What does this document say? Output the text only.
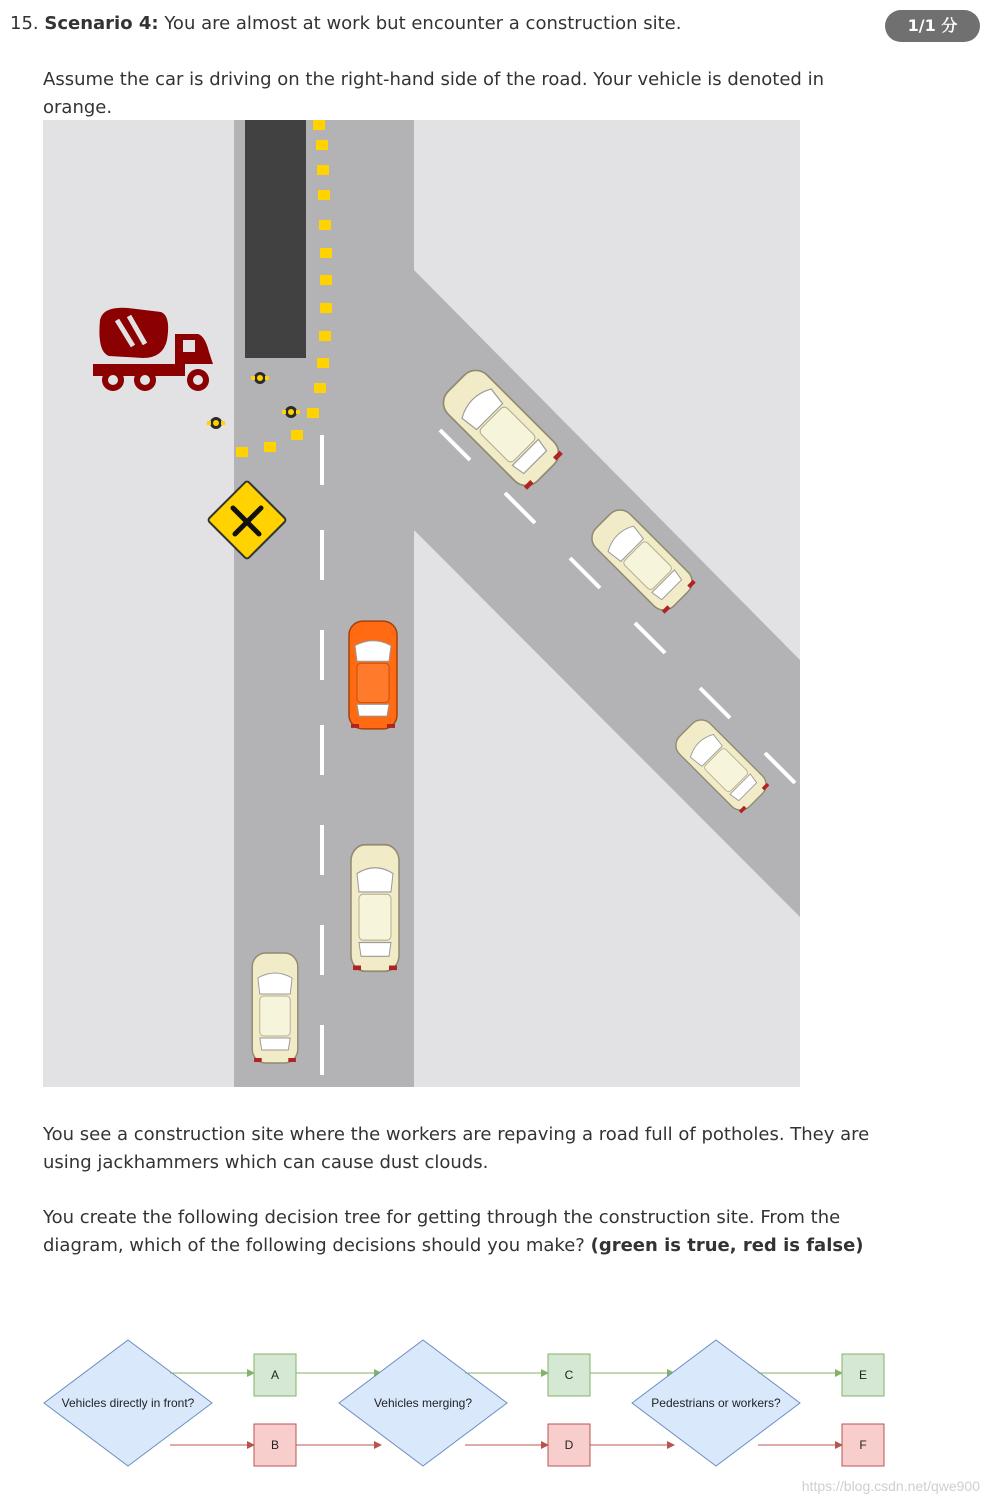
15. Scenario 4: You are almost at work but encounter a construction site.	1/1 分
Assume the car is driving on the right-hand side of the road. Your vehicle is denoted in orange.
You see a construction site where the workers are repaving a road full of potholes. They are using jackhammers which can cause dust clouds.
You create the following decision tree for getting through the construction site. From the diagram, which of the following decisions should you make? (green is true, red is false)
Vehicles directly in front?
A
B
Vehicles merging?
C
D
Pedestrians or workers?
E
F
https://blog.csdn.net/qwe900
